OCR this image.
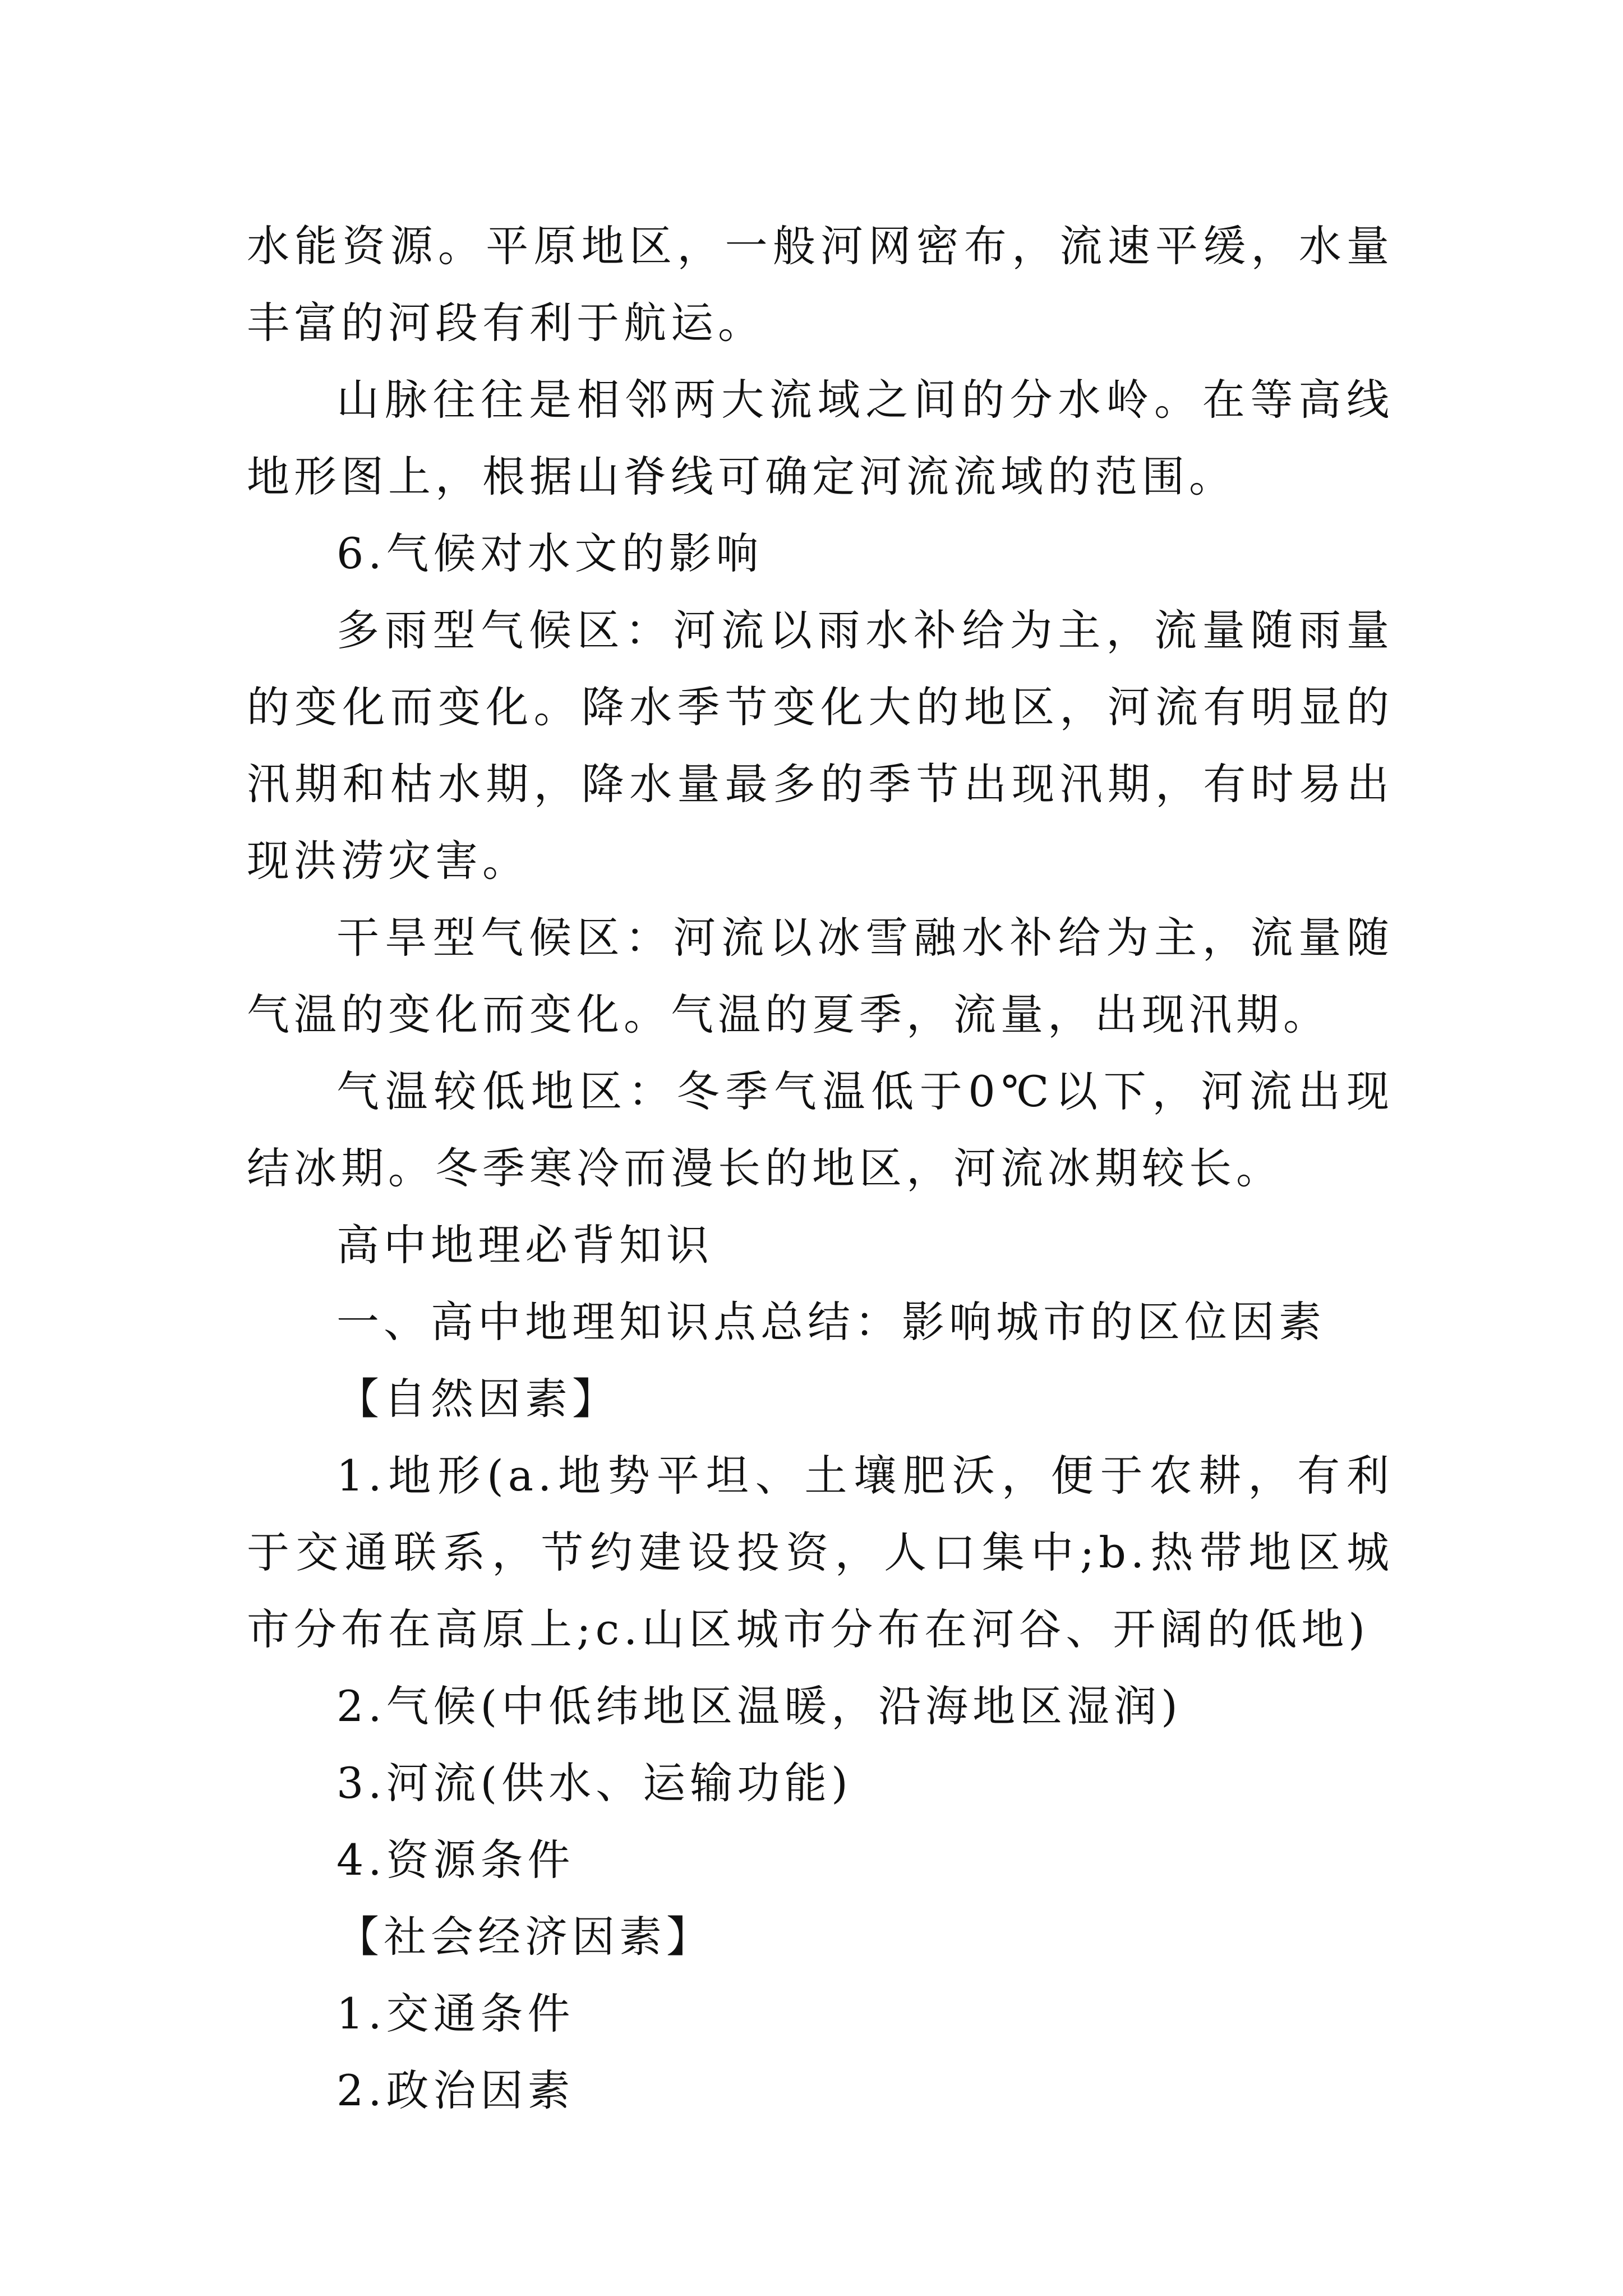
水能资源。平原地区，一般河网密布，流速平缓，水量丰富的河段有利于航运。

山脉往往是相邻两大流域之间的分水岭。在等高线地形图上，根据山脊线可确定河流流域的范围。

6.气候对水文的影响

多雨型气候区：河流以雨水补给为主，流量随雨量的变化而变化。降水季节变化大的地区，河流有明显的汛期和枯水期，降水量最多的季节出现汛期，有时易出现洪涝灾害。

干旱型气候区：河流以冰雪融水补给为主，流量随气温的变化而变化。气温的夏季，流量，出现汛期。

气温较低地区：冬季气温低于0℃以下，河流出现结冰期。冬季寒冷而漫长的地区，河流冰期较长。

高中地理必背知识

一、高中地理知识点总结：影响城市的区位因素

【自然因素】

1.地形(a.地势平坦、土壤肥沃，便于农耕，有利于交通联系，节约建设投资，人口集中;b.热带地区城市分布在高原上;c.山区城市分布在河谷、开阔的低地)

2.气候(中低纬地区温暖，沿海地区湿润)

3.河流(供水、运输功能)

4.资源条件

【社会经济因素】

1.交通条件

2.政治因素
